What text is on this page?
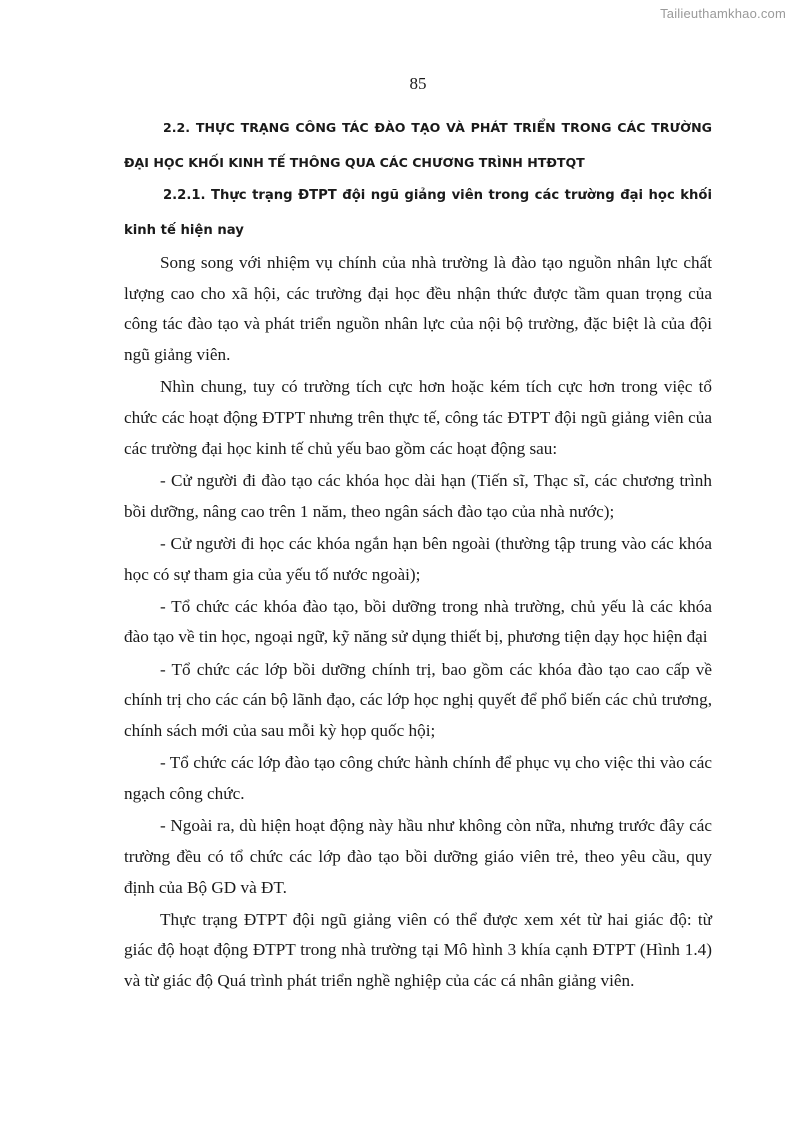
Tailieuthamkhao.com
85

2.2. THỰC TRẠNG CÔNG TÁC ĐÀO TẠO VÀ PHÁT TRIỂN TRONG CÁC TRƯỜNG ĐẠI HỌC KHỐI KINH TẾ THÔNG QUA CÁC CHƯƠNG TRÌNH HTĐTQT

2.2.1. Thực trạng ĐTPT đội ngũ giảng viên trong các trường đại học khối kinh tế hiện nay

Song song với nhiệm vụ chính của nhà trường là đào tạo nguồn nhân lực chất lượng cao cho xã hội, các trường đại học đều nhận thức được tầm quan trọng của công tác đào tạo và phát triển nguồn nhân lực của nội bộ trường, đặc biệt là của đội ngũ giảng viên.

Nhìn chung, tuy có trường tích cực hơn hoặc kém tích cực hơn trong việc tổ chức các hoạt động ĐTPT nhưng trên thực tế, công tác ĐTPT đội ngũ giảng viên của các trường đại học kinh tế chủ yếu bao gồm các hoạt động sau:

- Cử người đi đào tạo các khóa học dài hạn (Tiến sĩ, Thạc sĩ, các chương trình bồi dưỡng, nâng cao trên 1 năm, theo ngân sách đào tạo của nhà nước);

- Cử người đi học các khóa ngắn hạn bên ngoài (thường tập trung vào các khóa học có sự tham gia của yếu tố nước ngoài);

- Tổ chức các khóa đào tạo, bồi dưỡng trong nhà trường, chủ yếu là các khóa đào tạo về tin học, ngoại ngữ, kỹ năng sử dụng thiết bị, phương tiện dạy học hiện đại

- Tổ chức các lớp bồi dưỡng chính trị, bao gồm các khóa đào tạo cao cấp về chính trị cho các cán bộ lãnh đạo, các lớp học nghị quyết để phổ biến các chủ trương, chính sách mới của sau mỗi kỳ họp quốc hội;

- Tổ chức các lớp đào tạo công chức hành chính để phục vụ cho việc thi vào các ngạch công chức.

- Ngoài ra, dù hiện hoạt động này hầu như không còn nữa, nhưng trước đây các trường đều có tổ chức các lớp đào tạo bồi dưỡng giáo viên trẻ, theo yêu cầu, quy định của Bộ GD và ĐT.

Thực trạng ĐTPT đội ngũ giảng viên có thể được xem xét từ hai giác độ: từ giác độ hoạt động ĐTPT trong nhà trường tại Mô hình 3 khía cạnh ĐTPT (Hình 1.4) và từ giác độ Quá trình phát triển nghề nghiệp của các cá nhân giảng viên.
